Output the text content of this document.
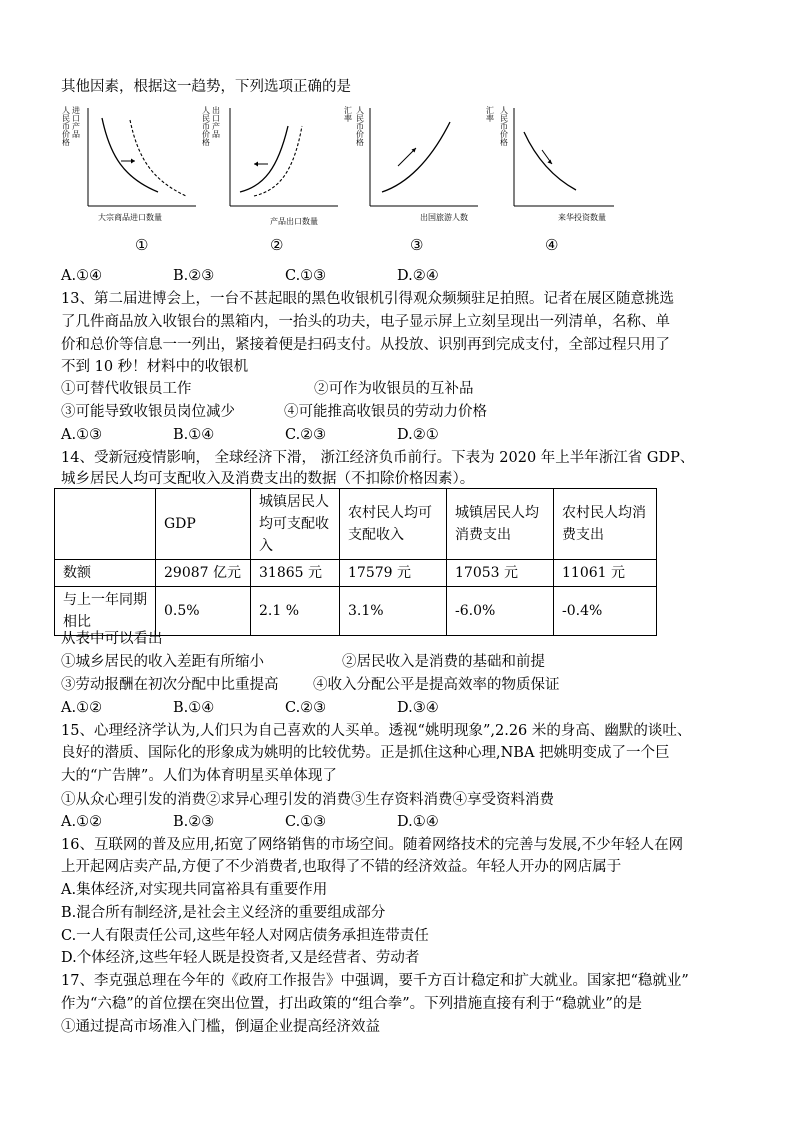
其他因素，根据这一趋势，下列选项正确的是
人民币价格 进口产品
大宗商品进口数量
①
人民币价格 出口产品
产品出口数量
②
人民币价格
汇率
出国旅游人数
③
人民币价格
汇率
来华投资数量
④
A.①④	B.②③	C.①③	D.②④
13、第二届进博会上，一台不甚起眼的黑色收银机引得观众频频驻足拍照。记者在展区随意挑选
了几件商品放入收银台的黑箱内，一抬头的功夫，电子显示屏上立刻呈现出一列清单，名称、单
价和总价等信息一一列出，紧接着便是扫码支付。从投放、识别再到完成支付，全部过程只用了
不到 10 秒！材料中的收银机
①可替代收银员工作	②可作为收银员的互补品
③可能导致收银员岗位减少	④可能推高收银员的劳动力价格
A.①③	B.①④	C.②③	D.②①
14、受新冠疫情影响， 全球经济下滑， 浙江经济负币前行。下表为 2020 年上半年浙江省 GDP、
城乡居民人均可支配收入及消费支出的数据（不扣除价格因素）。
	GDP	城镇居民人均可支配收入	农村民人均可支配收入	城镇居民人均消费支出	农村民人均消费支出
数额	29087 亿元	31865 元	17579 元	17053 元	11061 元
与上一年同期相比	0.5%	2.1 %	3.1%	-6.0%	-0.4%
从表中可以看出
①城乡居民的收入差距有所缩小	②居民收入是消费的基础和前提
③劳动报酬在初次分配中比重提高 ④收入分配公平是提高效率的物质保证
A.①②	B.①④	C.②③	D.③④
15、心理经济学认为,人们只为自己喜欢的人买单。透视“姚明现象”,2.26 米的身高、幽默的谈吐、
良好的潜质、国际化的形象成为姚明的比较优势。正是抓住这种心理,NBA 把姚明变成了一个巨
大的“广告牌”。人们为体育明星买单体现了
①从众心理引发的消费②求异心理引发的消费③生存资料消费④享受资料消费
A.①②	B.②③	C.①③	D.①④
16、互联网的普及应用,拓宽了网络销售的市场空间。随着网络技术的完善与发展,不少年轻人在网
上开起网店卖产品,方便了不少消费者,也取得了不错的经济效益。年轻人开办的网店属于
A.集体经济,对实现共同富裕具有重要作用
B.混合所有制经济,是社会主义经济的重要组成部分
C.一人有限责任公司,这些年轻人对网店债务承担连带责任
D.个体经济,这些年轻人既是投资者,又是经营者、劳动者
17、李克强总理在今年的《政府工作报告》中强调，要千方百计稳定和扩大就业。国家把“稳就业”
作为“六稳”的首位摆在突出位置，打出政策的“组合拳”。下列措施直接有利于“稳就业”的是
①通过提高市场准入门槛，倒逼企业提高经济效益
